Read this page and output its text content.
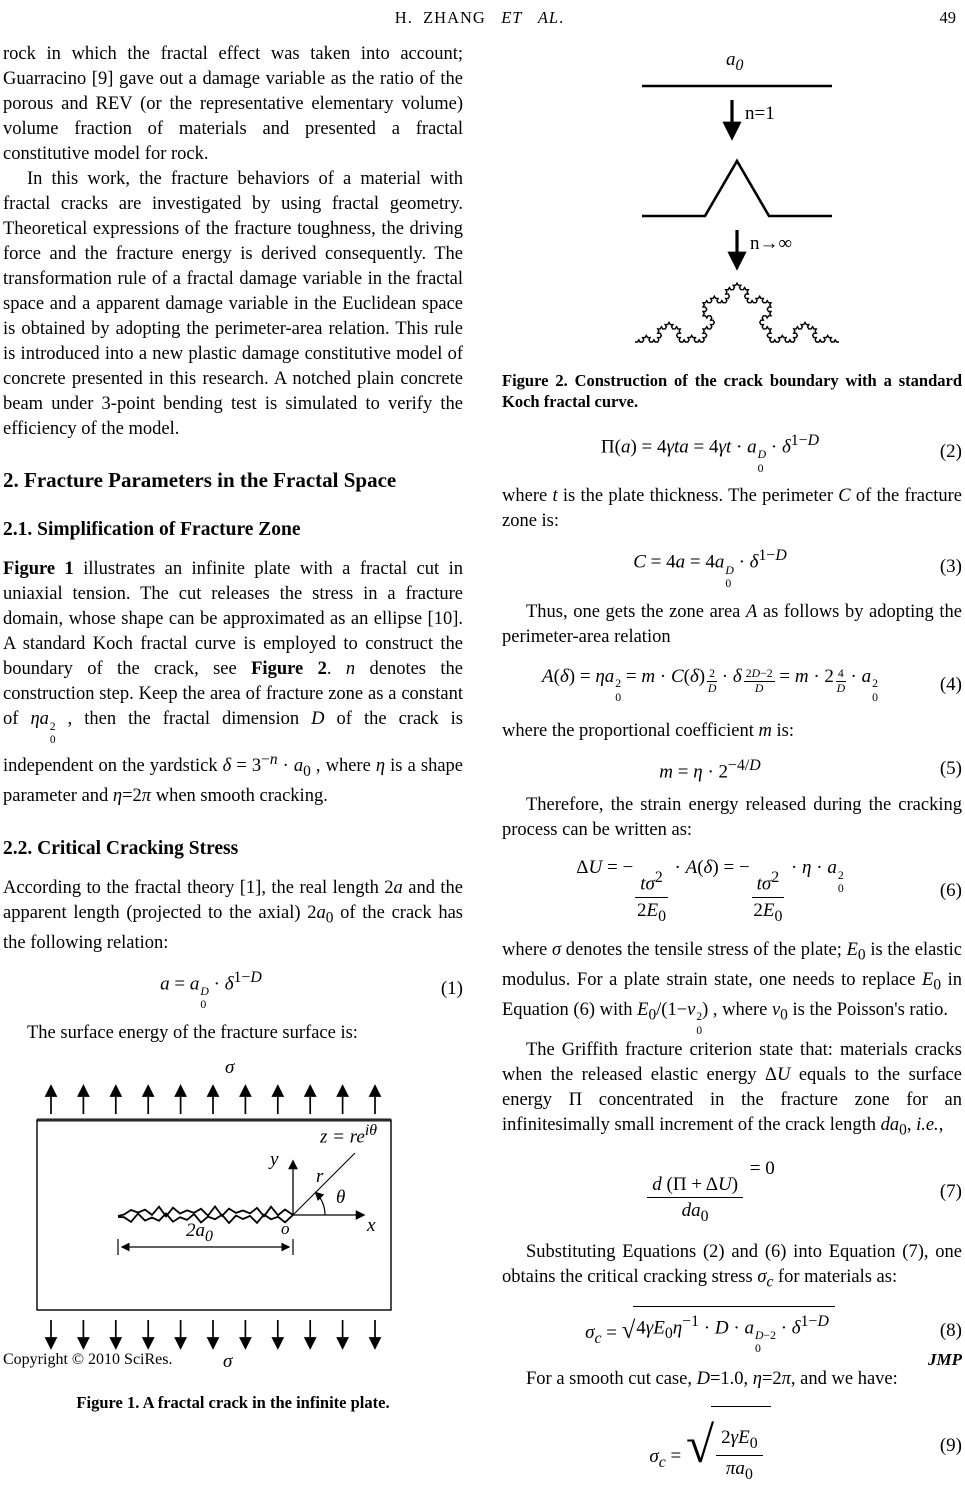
H.  ZHANG   ET   AL.	49

rock in which the fractal effect was taken into account; Guarracino [9] gave out a damage variable as the ratio of the porous and REV (or the representative elementary volume) volume fraction of materials and presented a fractal constitutive model for rock.

In this work, the fracture behaviors of a material with fractal cracks are investigated by using fractal geometry. Theoretical expressions of the fracture toughness, the driving force and the fracture energy is derived consequently. The transformation rule of a fractal damage variable in the fractal space and a apparent damage variable in the Euclidean space is obtained by adopting the perimeter-area relation. This rule is introduced into a new plastic damage constitutive model of concrete presented in this research. A notched plain concrete beam under 3-point bending test is simulated to verify the efficiency of the model.

2. Fracture Parameters in the Fractal Space
2.1. Simplification of Fracture Zone

Figure 1 illustrates an infinite plate with a fractal cut in uniaxial tension. The cut releases the stress in a fracture domain, whose shape can be approximated as an ellipse [10]. A standard Koch fractal curve is employed to construct the boundary of the crack, see Figure 2. n denotes the construction step. Keep the area of fracture zone as a constant of ηa 2
0
, then the fractal dimension D of the crack is independent on the yardstick $\delta = 3^{-n} \cdot a_0$ , where η is a shape parameter and η=2π when smooth cracking.

2.2. Critical Cracking Stress

According to the fractal theory [1], the real length 2a and the apparent length (projected to the axial) $2a_0$ of the crack has the following relation:

a = a D
0
· $\delta^{1-D}$
(1)

The surface energy of the fracture surface is:

σ
σ
y
x
o
r
θ
$z = re^{i\theta}$
$2a_0$
Figure 1. A fractal crack in the infinite plate.
$a_0$
n=1
n→∞
Figure 2. Construction of the crack boundary with a standard Koch fractal curve.
Π(a) = 4γta = 4γt · a D
0
· $\delta^{1-D}$
(2)

where t is the plate thickness. The perimeter C of the fracture zone is:

C = 4a = 4a D
0
· $\delta^{1-D}$
(3)

Thus, one gets the zone area A as follows by adopting the perimeter-area relation

A(δ) = ηa 2
0
= $m \cdot C(\delta) \frac{2}{D} \cdot \delta \frac{2D-2}{D} = m \cdot 2 \frac{4}{D} \cdot a$ 2
0
(4)

where the proportional coefficient m is:

$m = \eta \cdot 2^{-4/D}$	(5)

Therefore, the strain energy released during the cracking process can be written as:

ΔU = −
$\frac{t\sigma^2}{2E_0}$
· A(δ) = −
$\frac{t\sigma^2}{2E_0}$
· η · a 2
0	(6)

where σ denotes the tensile stress of the plate; $E_0$ is the elastic modulus. For a plate strain state, one needs to replace $E_0$ in Equation (6) with $E_0/(1-\nu$ 2
0
) , where $\nu_0$ is the Poisson's ratio.

The Griffith fracture criterion state that: materials cracks when the released elastic energy ΔU equals to the surface energy Π concentrated in the fracture zone for an infinitesimally small increment of the crack length $da_0$, i.e.,

$\frac{d (\Pi + \Delta U)}{da_0}$
= 0
(7)

Substituting Equations (2) and (6) into Equation (7), one obtains the critical cracking stress $\sigma_c$ for materials as:

$\sigma_c$ = √ $4\gamma E_0\eta^{-1} \cdot D \cdot a$ D−2
0
· $\delta^{1-D}$	(8)

For a smooth cut case, D=1.0, η=2π, and we have:

$\sigma_c$ = √ $\frac{2\gamma E_0}{\pi a_0}$	(9)
Copyright © 2010 SciRes.	JMP
